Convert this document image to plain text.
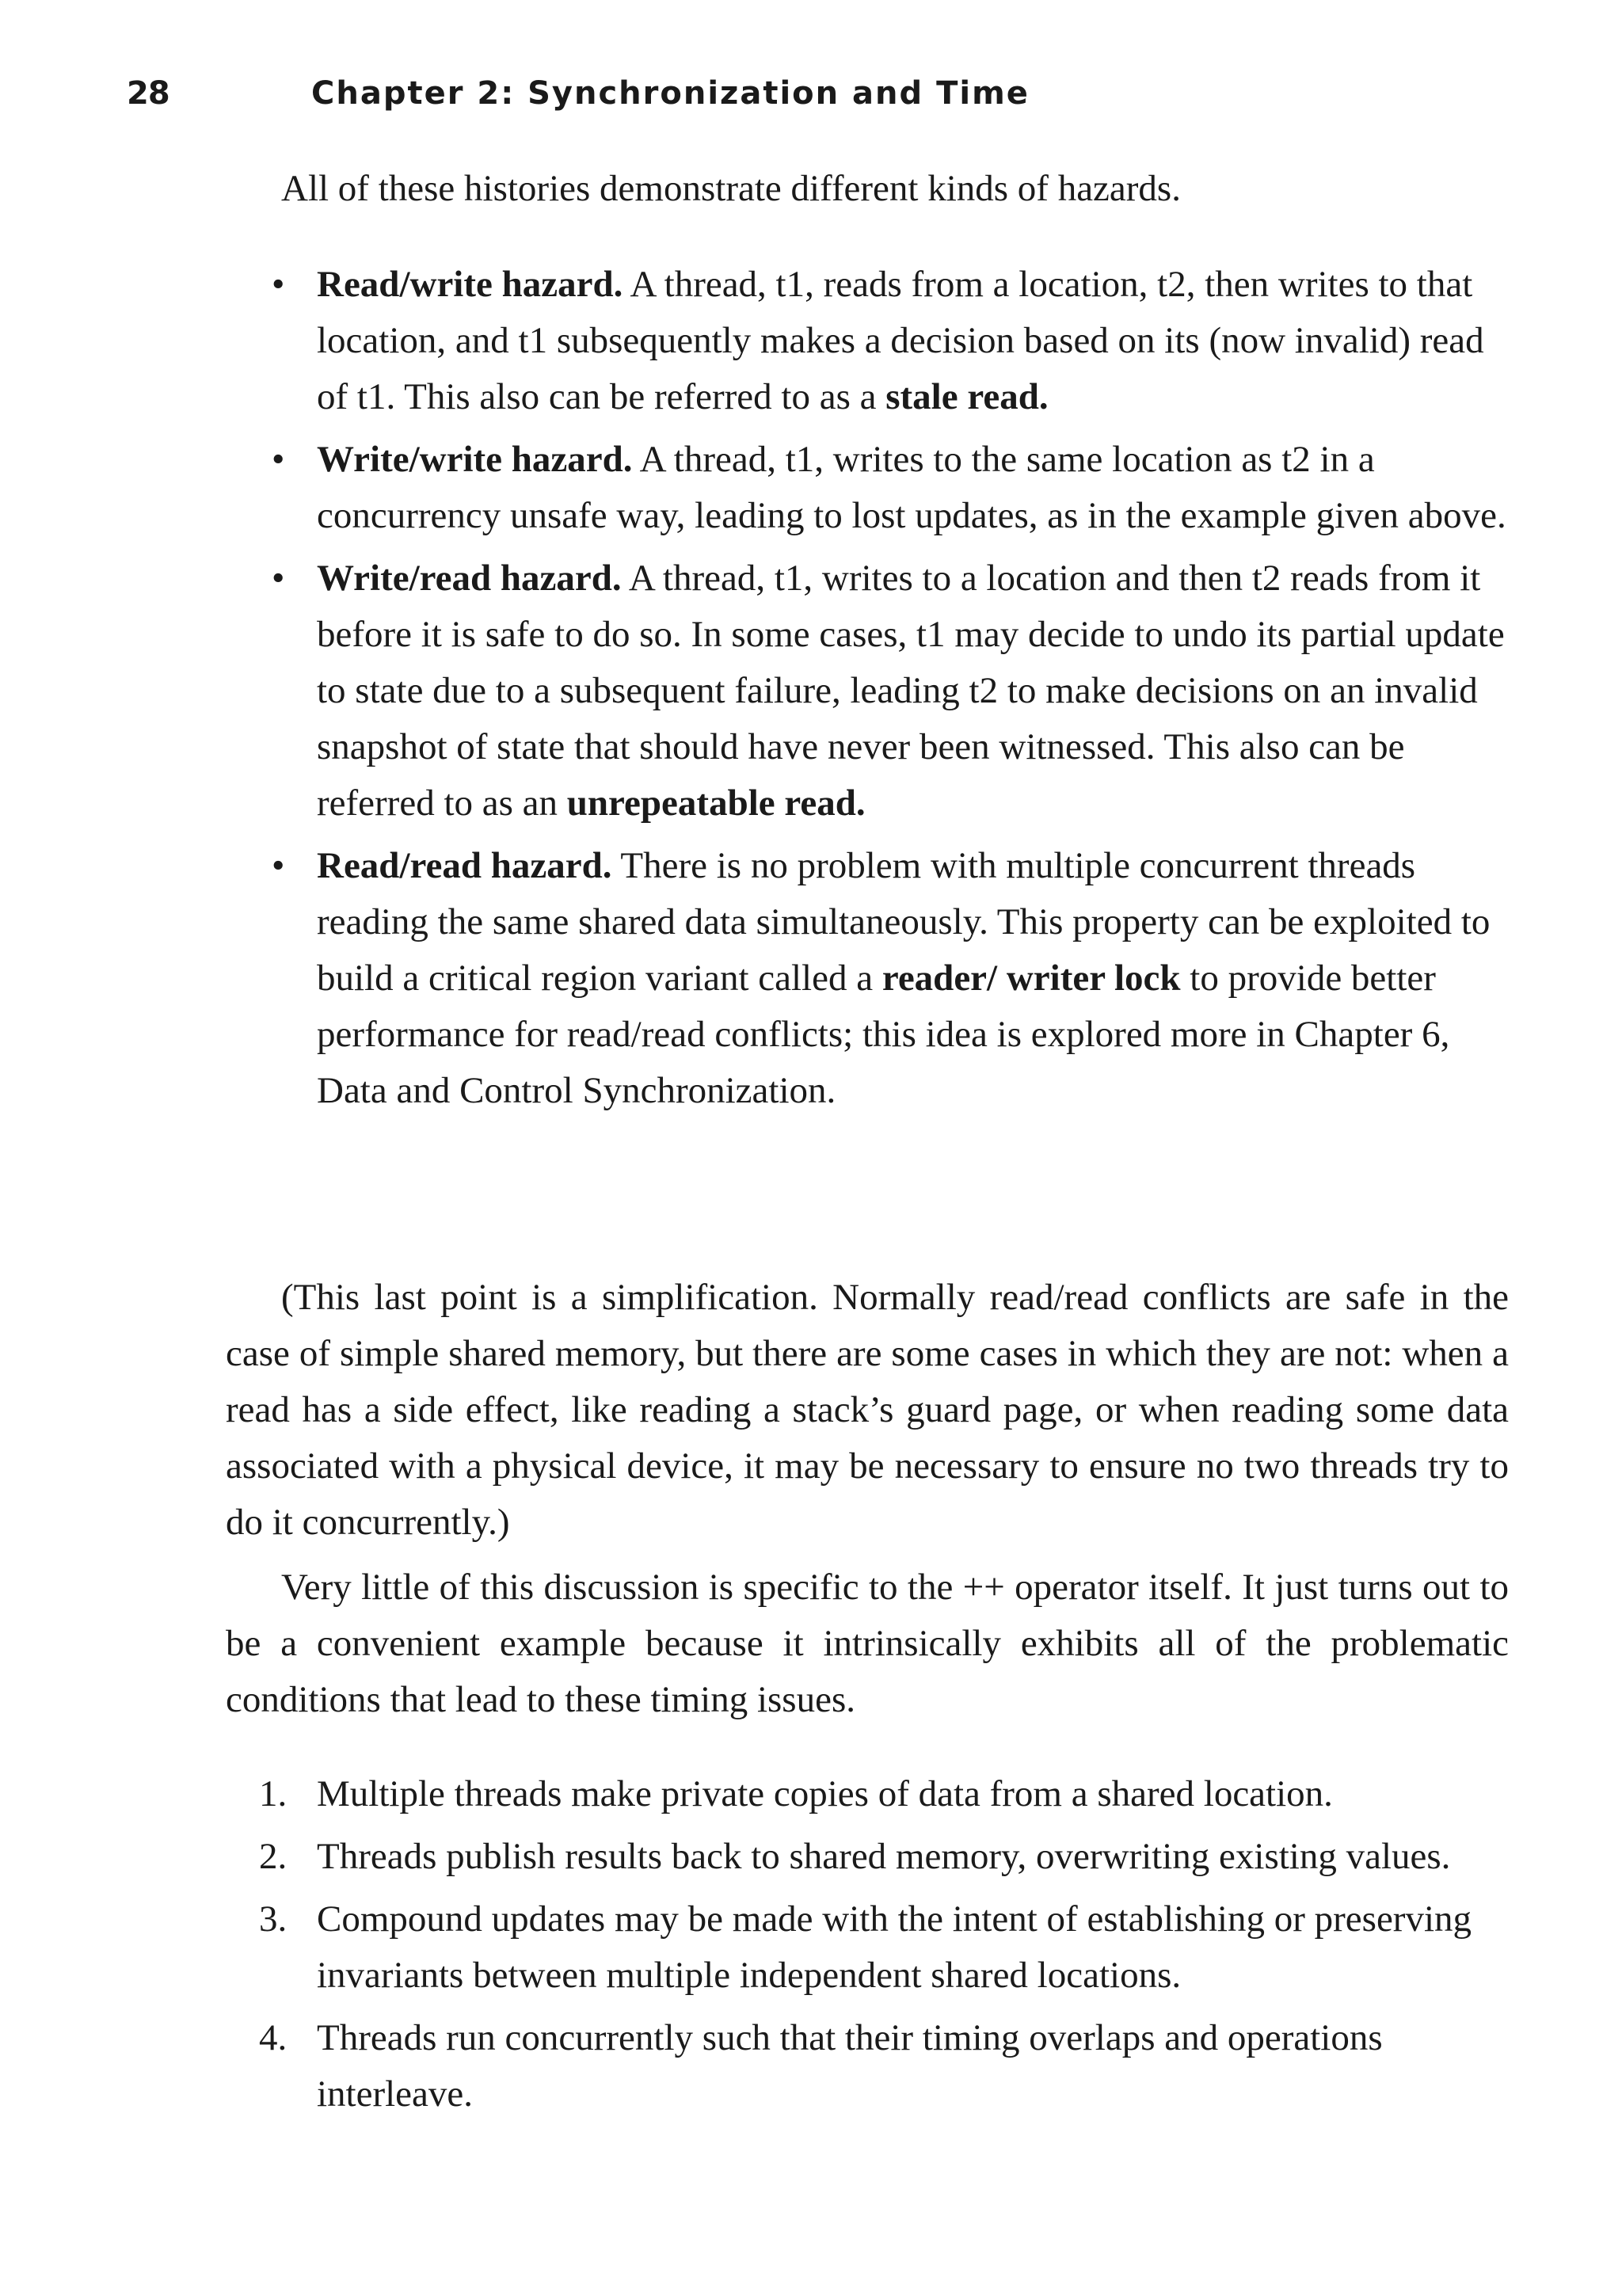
28	Chapter 2: Synchronization and Time
All of these histories demonstrate different kinds of hazards.
• Read/write hazard. A thread, t1, reads from a location, t2, then writes to that location, and t1 subsequently makes a decision based on its (now invalid) read of t1. This also can be referred to as a stale read.
• Write/write hazard. A thread, t1, writes to the same location as t2 in a concurrency unsafe way, leading to lost updates, as in the example given above.
• Write/read hazard. A thread, t1, writes to a location and then t2 reads from it before it is safe to do so. In some cases, t1 may decide to undo its partial update to state due to a subsequent failure, leading t2 to make decisions on an invalid snapshot of state that should have never been witnessed. This also can be referred to as an unrepeatable read.
• Read/read hazard. There is no problem with multiple concurrent threads reading the same shared data simultaneously. This property can be exploited to build a critical region variant called a reader/ writer lock to provide better performance for read/read conflicts; this idea is explored more in Chapter 6, Data and Control Synchronization.
(This last point is a simplification. Normally read/read conflicts are safe in the case of simple shared memory, but there are some cases in which they are not: when a read has a side effect, like reading a stack’s guard page, or when reading some data associated with a physical device, it may be necessary to ensure no two threads try to do it concurrently.)
Very little of this discussion is specific to the ++ operator itself. It just turns out to be a convenient example because it intrinsically exhibits all of the problematic conditions that lead to these timing issues.
1. Multiple threads make private copies of data from a shared location.
2. Threads publish results back to shared memory, overwriting existing values.
3. Compound updates may be made with the intent of establishing or preserving invariants between multiple independent shared locations.
4. Threads run concurrently such that their timing overlaps and operations interleave.
